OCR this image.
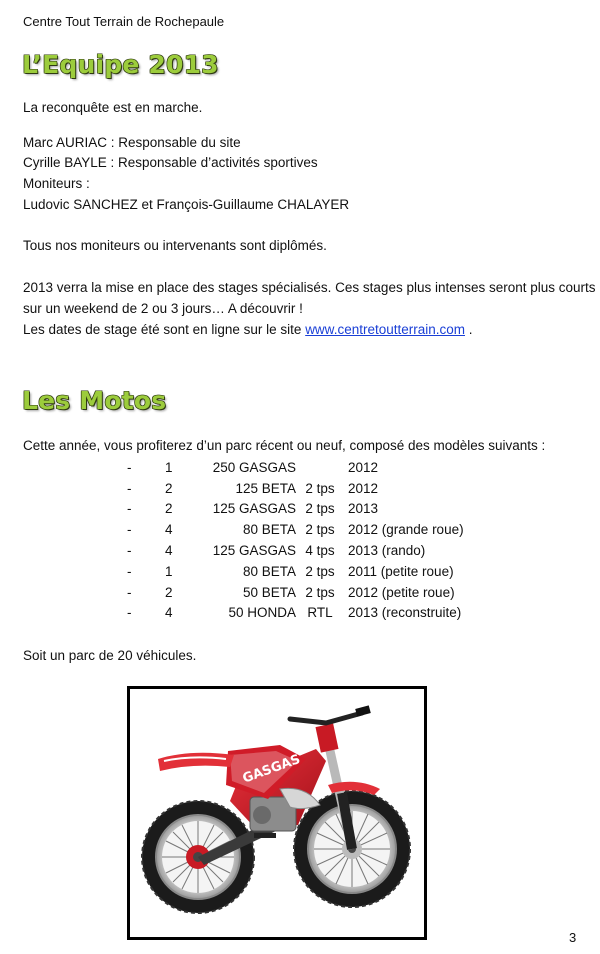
Centre Tout Terrain de Rochepaule
L’Equipe 2013
La reconquête est en marche.
Marc AURIAC : Responsable du site
Cyrille BAYLE : Responsable d’activités sportives
Moniteurs :
Ludovic SANCHEZ et François-Guillaume CHALAYER
Tous nos moniteurs ou intervenants sont diplômés.
2013 verra la mise en place des stages spécialisés. Ces stages plus intenses seront plus courts
sur un weekend de 2 ou 3 jours… A découvrir !
Les dates de stage été sont en ligne sur le site www.centretoutterrain.com .
Les Motos
Cette année, vous profiterez d’un parc récent ou neuf, composé des modèles suivants :
-	1	250 GASGAS		2012
-	2	125 BETA	2 tps	2012
-	2	125 GASGAS	2 tps	2013
-	4	80 BETA	2 tps	2012 (grande roue)
-	4	125 GASGAS	4 tps	2013 (rando)
-	1	80 BETA	2 tps	2011 (petite roue)
-	2	50 BETA	2 tps	2012 (petite roue)
-	4	50 HONDA	RTL	2013 (reconstruite)
Soit un parc de 20 véhicules.
GASGAS
3
